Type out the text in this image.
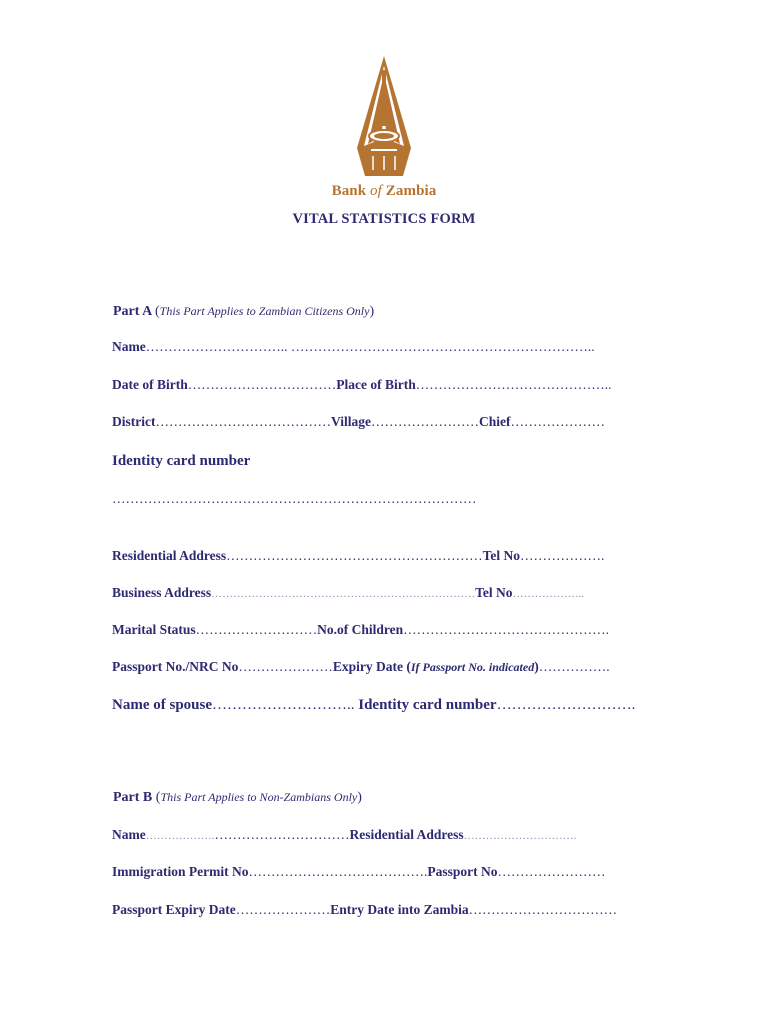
Bank of Zambia
VITAL STATISTICS FORM
Part A (This Part Applies to Zambian Citizens Only)
Name………………………….. …………………………………………………………..
Date of Birth……………………………Place of Birth……………………………………..
District…………………………………Village……………………Chief…………………
Identity card number
………………………………………………………………………
Residential Address…………………………………………………Tel No……………….
Business Address………………………………………………………………Tel No………………..
Marital Status………………………No.of Children……………………………………….
Passport No./NRC No…………………Expiry Date (If Passport No. indicated)…………….
Name of spouse……………………….. Identity card number……………………….
Part B (This Part Applies to Non-Zambians Only)
Name……………….…………………………Residential Address………………………….
Immigration Permit No………………………………….Passport No……………………
Passport Expiry Date…………………Entry Date into Zambia……………………………
